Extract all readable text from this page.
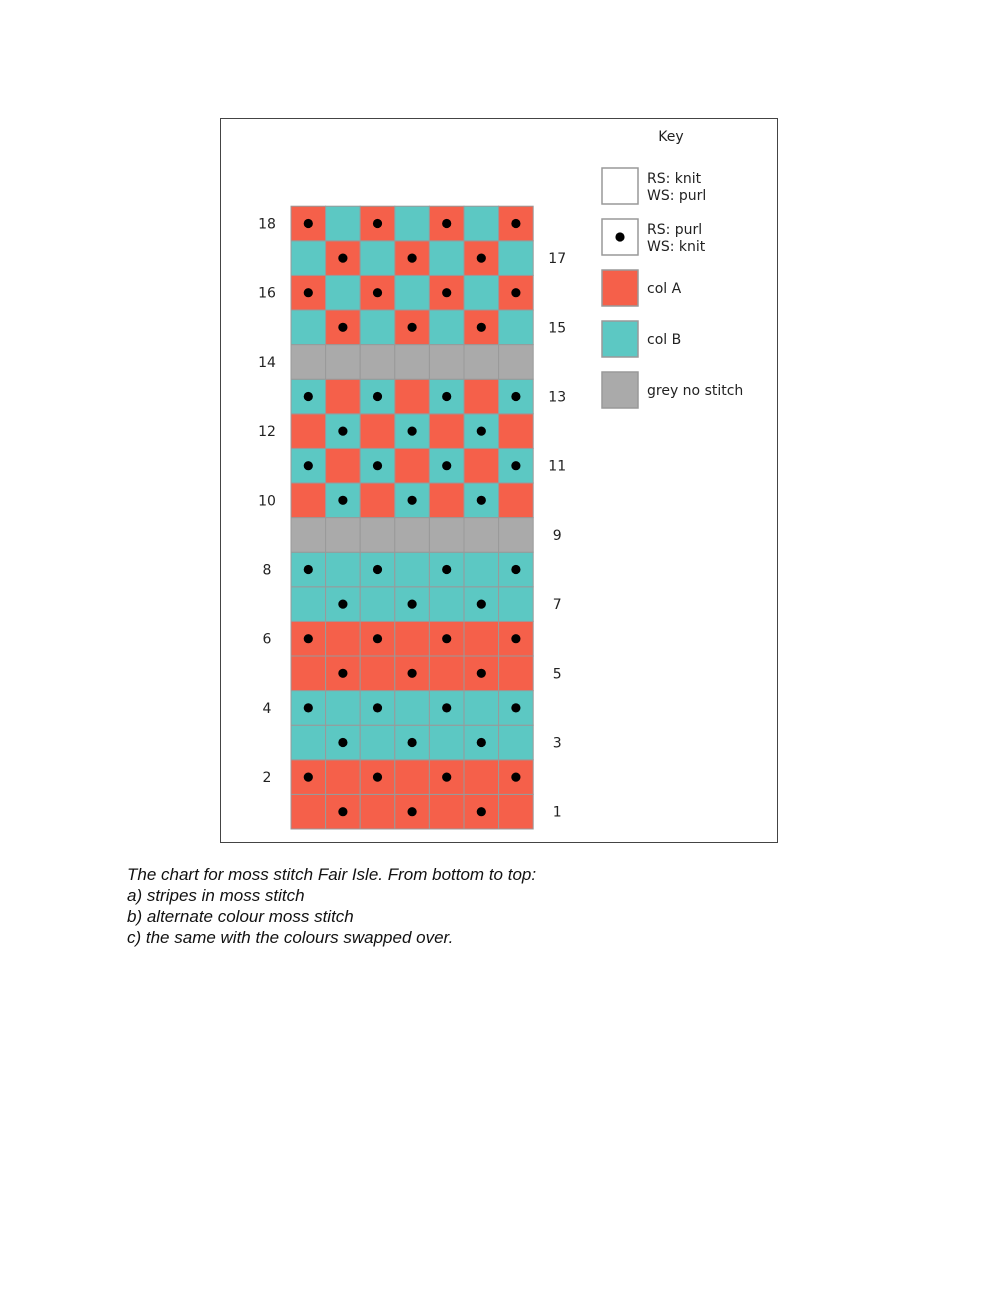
2
4
6
8
10
12
14
16
18
1
3
5
7
9
11
13
15
17
Key
RS: knit
WS: purl
RS: purl
WS: knit
col A
col B
grey no stitch
The chart for moss stitch Fair Isle. From bottom to top:
a) stripes in moss stitch
b) alternate colour moss stitch
c) the same with the colours swapped over.
